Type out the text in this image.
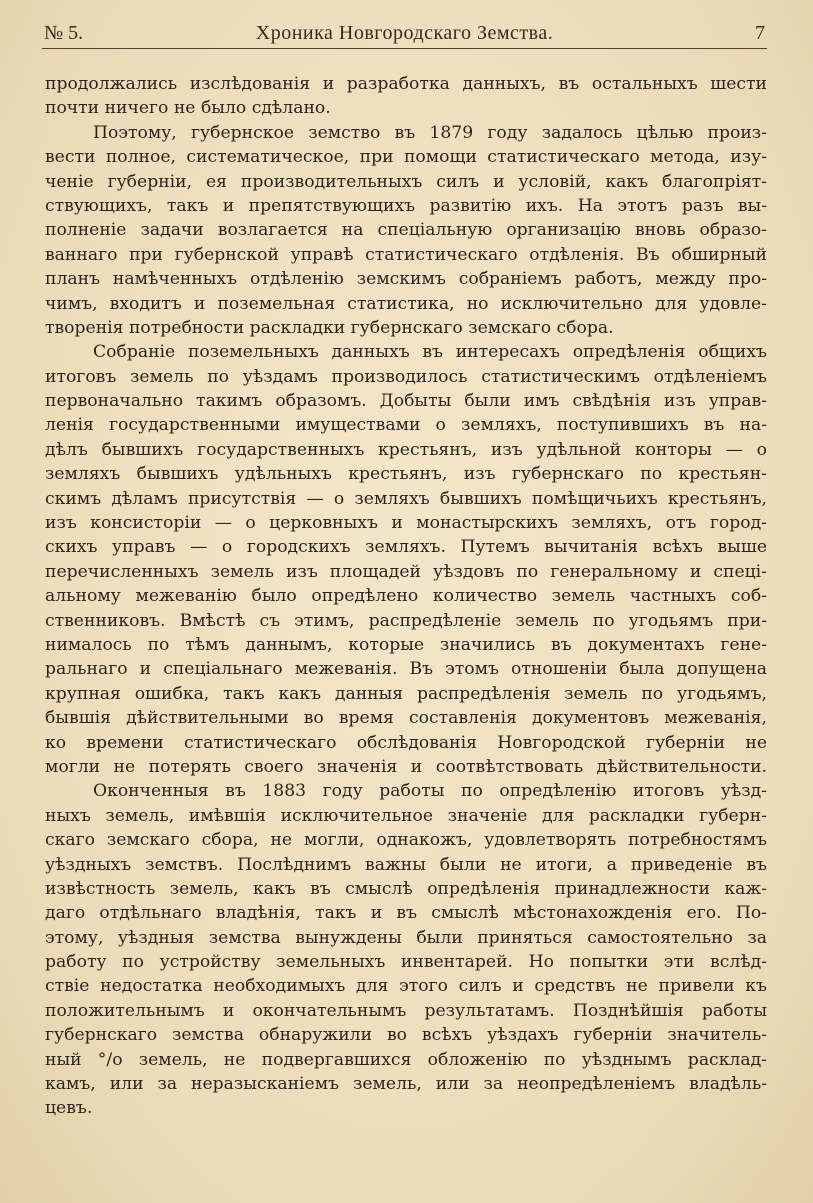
№ 5.	Хроника Новгородскаго Земства.	7
продолжались изслѣдованія и разработка данныхъ, въ остальныхъ шести
почти ничего не было сдѣлано.
Поэтому, губернское земство въ 1879 году задалось цѣлью произ-
вести полное, систематическое, при помощи статистическаго метода, изу-
ченіе губерніи, ея производительныхъ силъ и условій, какъ благопріят-
ствующихъ, такъ и препятствующихъ развитію ихъ. На этотъ разъ вы-
полненіе задачи возлагается на спеціальную организацію вновь образо-
ваннаго при губернской управѣ статистическаго отдѣленія. Въ обширный
планъ намѣченныхъ отдѣленію земскимъ собраніемъ работъ, между про-
чимъ, входитъ и поземельная статистика, но исключительно для удовле-
творенія потребности раскладки губернскаго земскаго сбора.
Собраніе поземельныхъ данныхъ въ интересахъ опредѣленія общихъ
итоговъ земель по уѣздамъ производилось статистическимъ отдѣленіемъ
первоначально такимъ образомъ. Добыты были имъ свѣдѣнія изъ управ-
ленія государственными имуществами о земляхъ, поступившихъ въ на-
дѣлъ бывшихъ государственныхъ крестьянъ, изъ удѣльной конторы — о
земляхъ бывшихъ удѣльныхъ крестьянъ, изъ губернскаго по крестьян-
скимъ дѣламъ присутствія — о земляхъ бывшихъ помѣщичьихъ крестьянъ,
изъ консисторіи — о церковныхъ и монастырскихъ земляхъ, отъ город-
скихъ управъ — о городскихъ земляхъ. Путемъ вычитанія всѣхъ выше
перечисленныхъ земель изъ площадей уѣздовъ по генеральному и спеці-
альному межеванію было опредѣлено количество земель частныхъ соб-
ственниковъ. Вмѣстѣ съ этимъ, распредѣленіе земель по угодьямъ при-
нималось по тѣмъ даннымъ, которые значились въ документахъ гене-
ральнаго и спеціальнаго межеванія. Въ этомъ отношеніи была допущена
крупная ошибка, такъ какъ данныя распредѣленія земель по угодьямъ,
бывшія дѣйствительными во время составленія документовъ межеванія,
ко времени статистическаго обслѣдованія Новгородской губерніи не
могли не потерять своего значенія и соотвѣтствовать дѣйствительности.
Оконченныя въ 1883 году работы по опредѣленію итоговъ уѣзд-
ныхъ земель, имѣвшія исключительное значеніе для раскладки губерн-
скаго земскаго сбора, не могли, однакожъ, удовлетворять потребностямъ
уѣздныхъ земствъ. Послѣднимъ важны были не итоги, а приведеніе въ
извѣстность земель, какъ въ смыслѣ опредѣленія принадлежности каж-
даго отдѣльнаго владѣнія, такъ и въ смыслѣ мѣстонахожденія его. По-
этому, уѣздныя земства вынуждены были приняться самостоятельно за
работу по устройству земельныхъ инвентарей. Но попытки эти вслѣд-
ствіе недостатка необходимыхъ для этого силъ и средствъ не привели къ
положительнымъ и окончательнымъ результатамъ. Позднѣйшія работы
губернскаго земства обнаружили во всѣхъ уѣздахъ губерніи значитель-
ный °/о земель, не подвергавшихся обложенію по уѣзднымъ расклад-
камъ, или за неразысканіемъ земель, или за неопредѣленіемъ владѣль-
цевъ.
